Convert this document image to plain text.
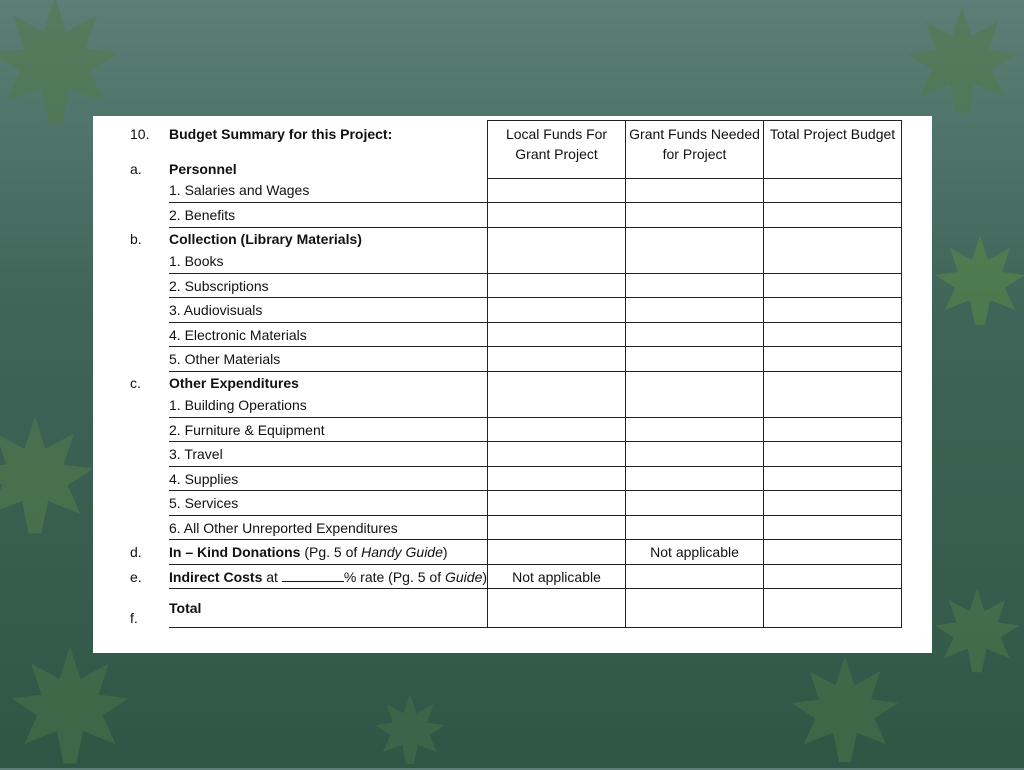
10.	Budget Summary for this Project:	Local Funds For Grant Project	Grant Funds Needed for Project	Total Project Budget
a.	Personnel			
	1. Salaries and Wages			
	2. Benefits			
b.	Collection (Library Materials)			
	1. Books			
	2. Subscriptions			
	3. Audiovisuals			
	4. Electronic Materials			
	5. Other Materials			
c.	Other Expenditures			
	1. Building Operations			
	2. Furniture & Equipment			
	3. Travel			
	4. Supplies			
	5. Services			
	6. All Other Unreported Expenditures			
d.	In – Kind Donations (Pg. 5 of Handy Guide)		Not applicable	
e.	Indirect Costs at % rate (Pg. 5 of Guide)	Not applicable		
f.	Total			
